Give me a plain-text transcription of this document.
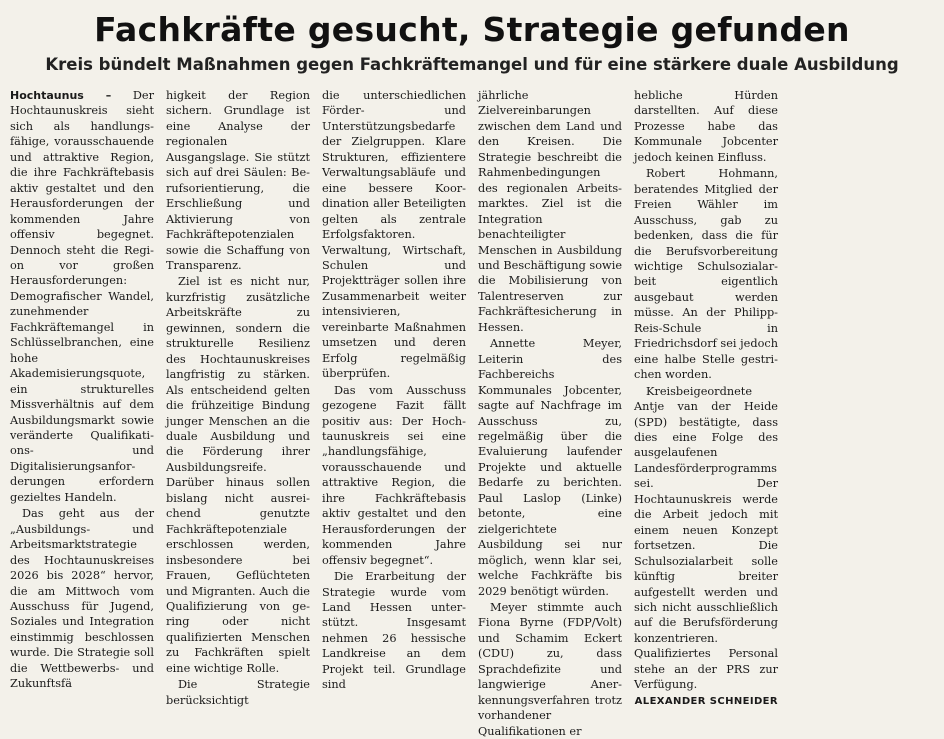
Fachkräfte gesucht, Strategie gefunden
Kreis bündelt Maßnahmen gegen Fachkräftemangel und für eine stärkere duale Ausbildung

Hochtaunus – Der Hochtaunuskreis sieht sich als handlungsfähige, vorausschauende und attraktive Region, die ihre Fachkräftebasis aktiv gestaltet und den Herausforderungen der kommenden Jahre offensiv begegnet. Dennoch steht die Region vor großen Herausforderungen: Demografischer Wandel, zunehmender Fachkräftemangel in Schlüsselbranchen, eine hohe Akademisierungsquote, ein strukturelles Missverhältnis auf dem Ausbildungsmarkt sowie veränderte Qualifikations- und Digitalisierungsanforderungen erfordern gezieltes Handeln.

Das geht aus der „Ausbildungs- und Arbeitsmarktstrategie des Hochtaunuskreises 2026 bis 2028“ hervor, die am Mittwoch vom Ausschuss für Jugend, Soziales und Integration einstimmig beschlossen wurde. Die Strategie soll die Wettbewerbs- und Zukunftsfä

higkeit der Region sichern. Grundlage ist eine Analyse der regionalen Ausgangslage. Sie stützt sich auf drei Säulen: Berufsorientierung, die Erschließung und Aktivierung von Fachkräftepotenzialen sowie die Schaffung von Transparenz.

Ziel ist es nicht nur, kurzfristig zusätzliche Arbeitskräfte zu gewinnen, sondern die strukturelle Resilienz des Hochtaunuskreises langfristig zu stärken. Als entscheidend gelten die frühzeitige Bindung junger Menschen an die duale Ausbildung und die Förderung ihrer Ausbildungsreife. Darüber hinaus sollen bislang nicht ausreichend genutzte Fachkräftepotenziale erschlossen werden, insbesondere bei Frauen, Geflüchteten und Migranten. Auch die Qualifizierung von gering oder nicht qualifizierten Menschen zu Fachkräften spielt eine wichtige Rolle.

Die Strategie berücksichtigt

die unterschiedlichen Förder- und Unterstützungsbedarfe der Zielgruppen. Klare Strukturen, effizientere Verwaltungsabläufe und eine bessere Koordination aller Beteiligten gelten als zentrale Erfolgsfaktoren. Verwaltung, Wirtschaft, Schulen und Projektträger sollen ihre Zusammenarbeit weiter intensivieren, vereinbarte Maßnahmen umsetzen und deren Erfolg regelmäßig überprüfen.

Das vom Ausschuss gezogene Fazit fällt positiv aus: Der Hochtaunuskreis sei eine „handlungsfähige, vorausschauende und attraktive Region, die ihre Fachkräftebasis aktiv gestaltet und den Herausforderungen der kommenden Jahre offensiv begegnet“.

Die Erarbeitung der Strategie wurde vom Land Hessen unterstützt. Insgesamt nehmen 26 hessische Landkreise an dem Projekt teil. Grundlage sind

jährliche Zielvereinbarungen zwischen dem Land und den Kreisen. Die Strategie beschreibt die Rahmenbedingungen des regionalen Arbeitsmarktes. Ziel ist die Integration benachteiligter Menschen in Ausbildung und Beschäftigung sowie die Mobilisierung von Talentreserven zur Fachkräftesicherung in Hessen.

Annette Meyer, Leiterin des Fachbereichs Kommunales Jobcenter, sagte auf Nachfrage im Ausschuss zu, regelmäßig über die Evaluierung laufender Projekte und aktuelle Bedarfe zu berichten. Paul Laslop (Linke) betonte, eine zielgerichtete Ausbildung sei nur möglich, wenn klar sei, welche Fachkräfte bis 2029 benötigt würden.

Meyer stimmte auch Fiona Byrne (FDP/Volt) und Schamim Eckert (CDU) zu, dass Sprachdefizite und langwierige Anerkennungsverfahren trotz vorhandener Qualifikationen er

hebliche Hürden darstellten. Auf diese Prozesse habe das Kommunale Jobcenter jedoch keinen Einfluss.

Robert Hohmann, beratendes Mitglied der Freien Wähler im Ausschuss, gab zu bedenken, dass die für die Berufsvorbereitung wichtige Schulsozialarbeit eigentlich ausgebaut werden müsse. An der Philipp-Reis-Schule in Friedrichsdorf sei jedoch eine halbe Stelle gestrichen worden.

Kreisbeigeordnete Antje van der Heide (SPD) bestätigte, dass dies eine Folge des ausgelaufenen Landesförderprogramms sei. Der Hochtaunuskreis werde die Arbeit jedoch mit einem neuen Konzept fortsetzen. Die Schulsozialarbeit solle künftig breiter aufgestellt werden und sich nicht ausschließlich auf die Berufsförderung konzentrieren. Qualifiziertes Personal stehe an der PRS zur Verfügung.

ALEXANDER SCHNEIDER
